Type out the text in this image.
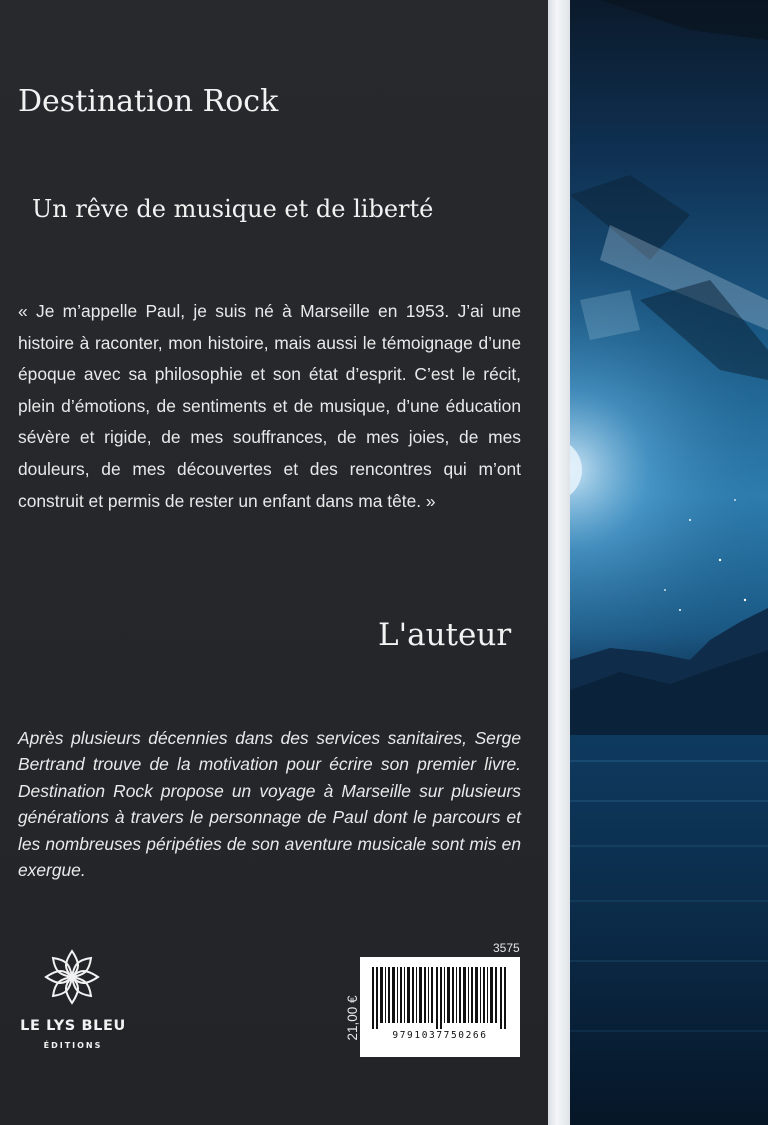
Destination Rock
Un rêve de musique et de liberté

« Je m’appelle Paul, je suis né à Marseille en 1953. J’ai une histoire à raconter, mon histoire, mais aussi le témoignage d’une époque avec sa philosophie et son état d’esprit. C’est le récit, plein d’émotions, de sentiments et de musique, d’une éducation sévère et rigide, de mes souffrances, de mes joies, de mes douleurs, de mes découvertes et des rencontres qui m’ont construit et permis de rester un enfant dans ma tête. »

L'auteur

Après plusieurs décennies dans des services sanitaires, Serge Bertrand trouve de la motivation pour écrire son premier livre. Destination Rock propose un voyage à Marseille sur plusieurs générations à travers le personnage de Paul dont le parcours et les nombreuses péripéties de son aventure musicale sont mis en exergue.

LE LYS BLEU
ÉDITIONS
3575
21,00 €	9791037750266
